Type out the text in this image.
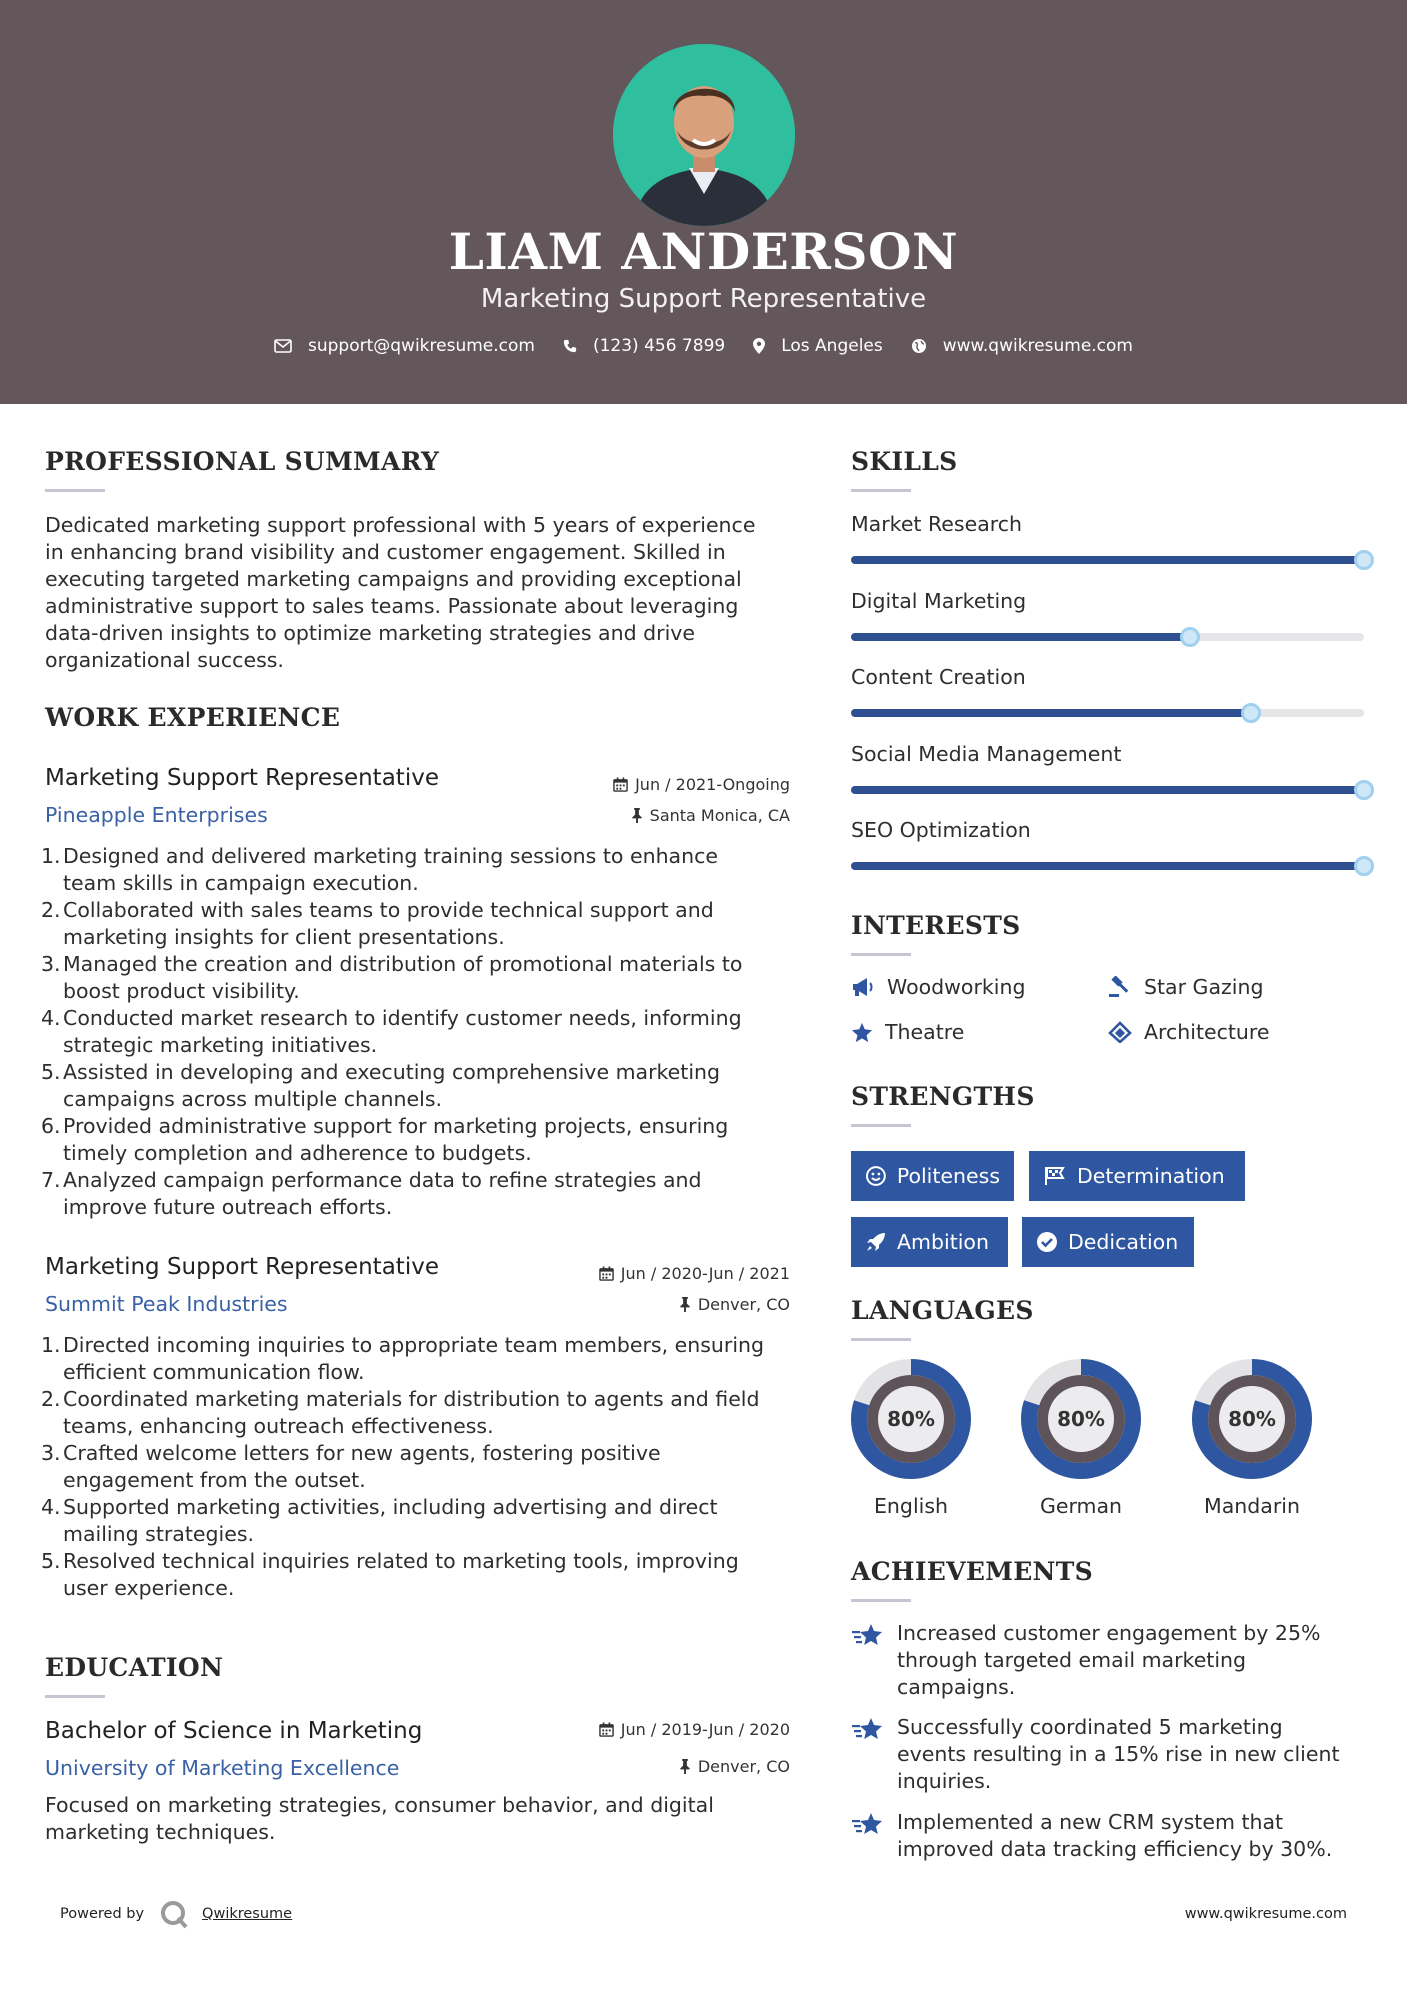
LIAM ANDERSON
Marketing Support Representative
support@qwikresume.com	(123) 456 7899	Los Angeles	www.qwikresume.com
PROFESSIONAL SUMMARY
Dedicated marketing support professional with 5 years of experience
in enhancing brand visibility and customer engagement. Skilled in
executing targeted marketing campaigns and providing exceptional
administrative support to sales teams. Passionate about leveraging
data-driven insights to optimize marketing strategies and drive
organizational success.
WORK EXPERIENCE
Marketing Support Representative
Pineapple Enterprises
Jun / 2021-Ongoing
Santa Monica, CA
1. Designed and delivered marketing training sessions to enhance
team skills in campaign execution.
2. Collaborated with sales teams to provide technical support and
marketing insights for client presentations.
3. Managed the creation and distribution of promotional materials to
boost product visibility.
4. Conducted market research to identify customer needs, informing
strategic marketing initiatives.
5. Assisted in developing and executing comprehensive marketing
campaigns across multiple channels.
6. Provided administrative support for marketing projects, ensuring
timely completion and adherence to budgets.
7. Analyzed campaign performance data to refine strategies and
improve future outreach efforts.
Marketing Support Representative
Summit Peak Industries
Jun / 2020-Jun / 2021
Denver, CO
1. Directed incoming inquiries to appropriate team members, ensuring
efficient communication flow.
2. Coordinated marketing materials for distribution to agents and field
teams, enhancing outreach effectiveness.
3. Crafted welcome letters for new agents, fostering positive
engagement from the outset.
4. Supported marketing activities, including advertising and direct
mailing strategies.
5. Resolved technical inquiries related to marketing tools, improving
user experience.
EDUCATION
Bachelor of Science in Marketing
University of Marketing Excellence
Jun / 2019-Jun / 2020
Denver, CO
Focused on marketing strategies, consumer behavior, and digital
marketing techniques.
SKILLS
Market Research
Digital Marketing
Content Creation
Social Media Management
SEO Optimization
INTERESTS
Woodworking	Star Gazing
Theatre	Architecture
STRENGTHS
Politeness	Determination
Ambition	Dedication
LANGUAGES
80%
English
80%
German
80%
Mandarin
ACHIEVEMENTS
Increased customer engagement by 25%
through targeted email marketing
campaigns.
Successfully coordinated 5 marketing
events resulting in a 15% rise in new client
inquiries.
Implemented a new CRM system that
improved data tracking efficiency by 30%.
Powered by	Qwikresume	www.qwikresume.com
